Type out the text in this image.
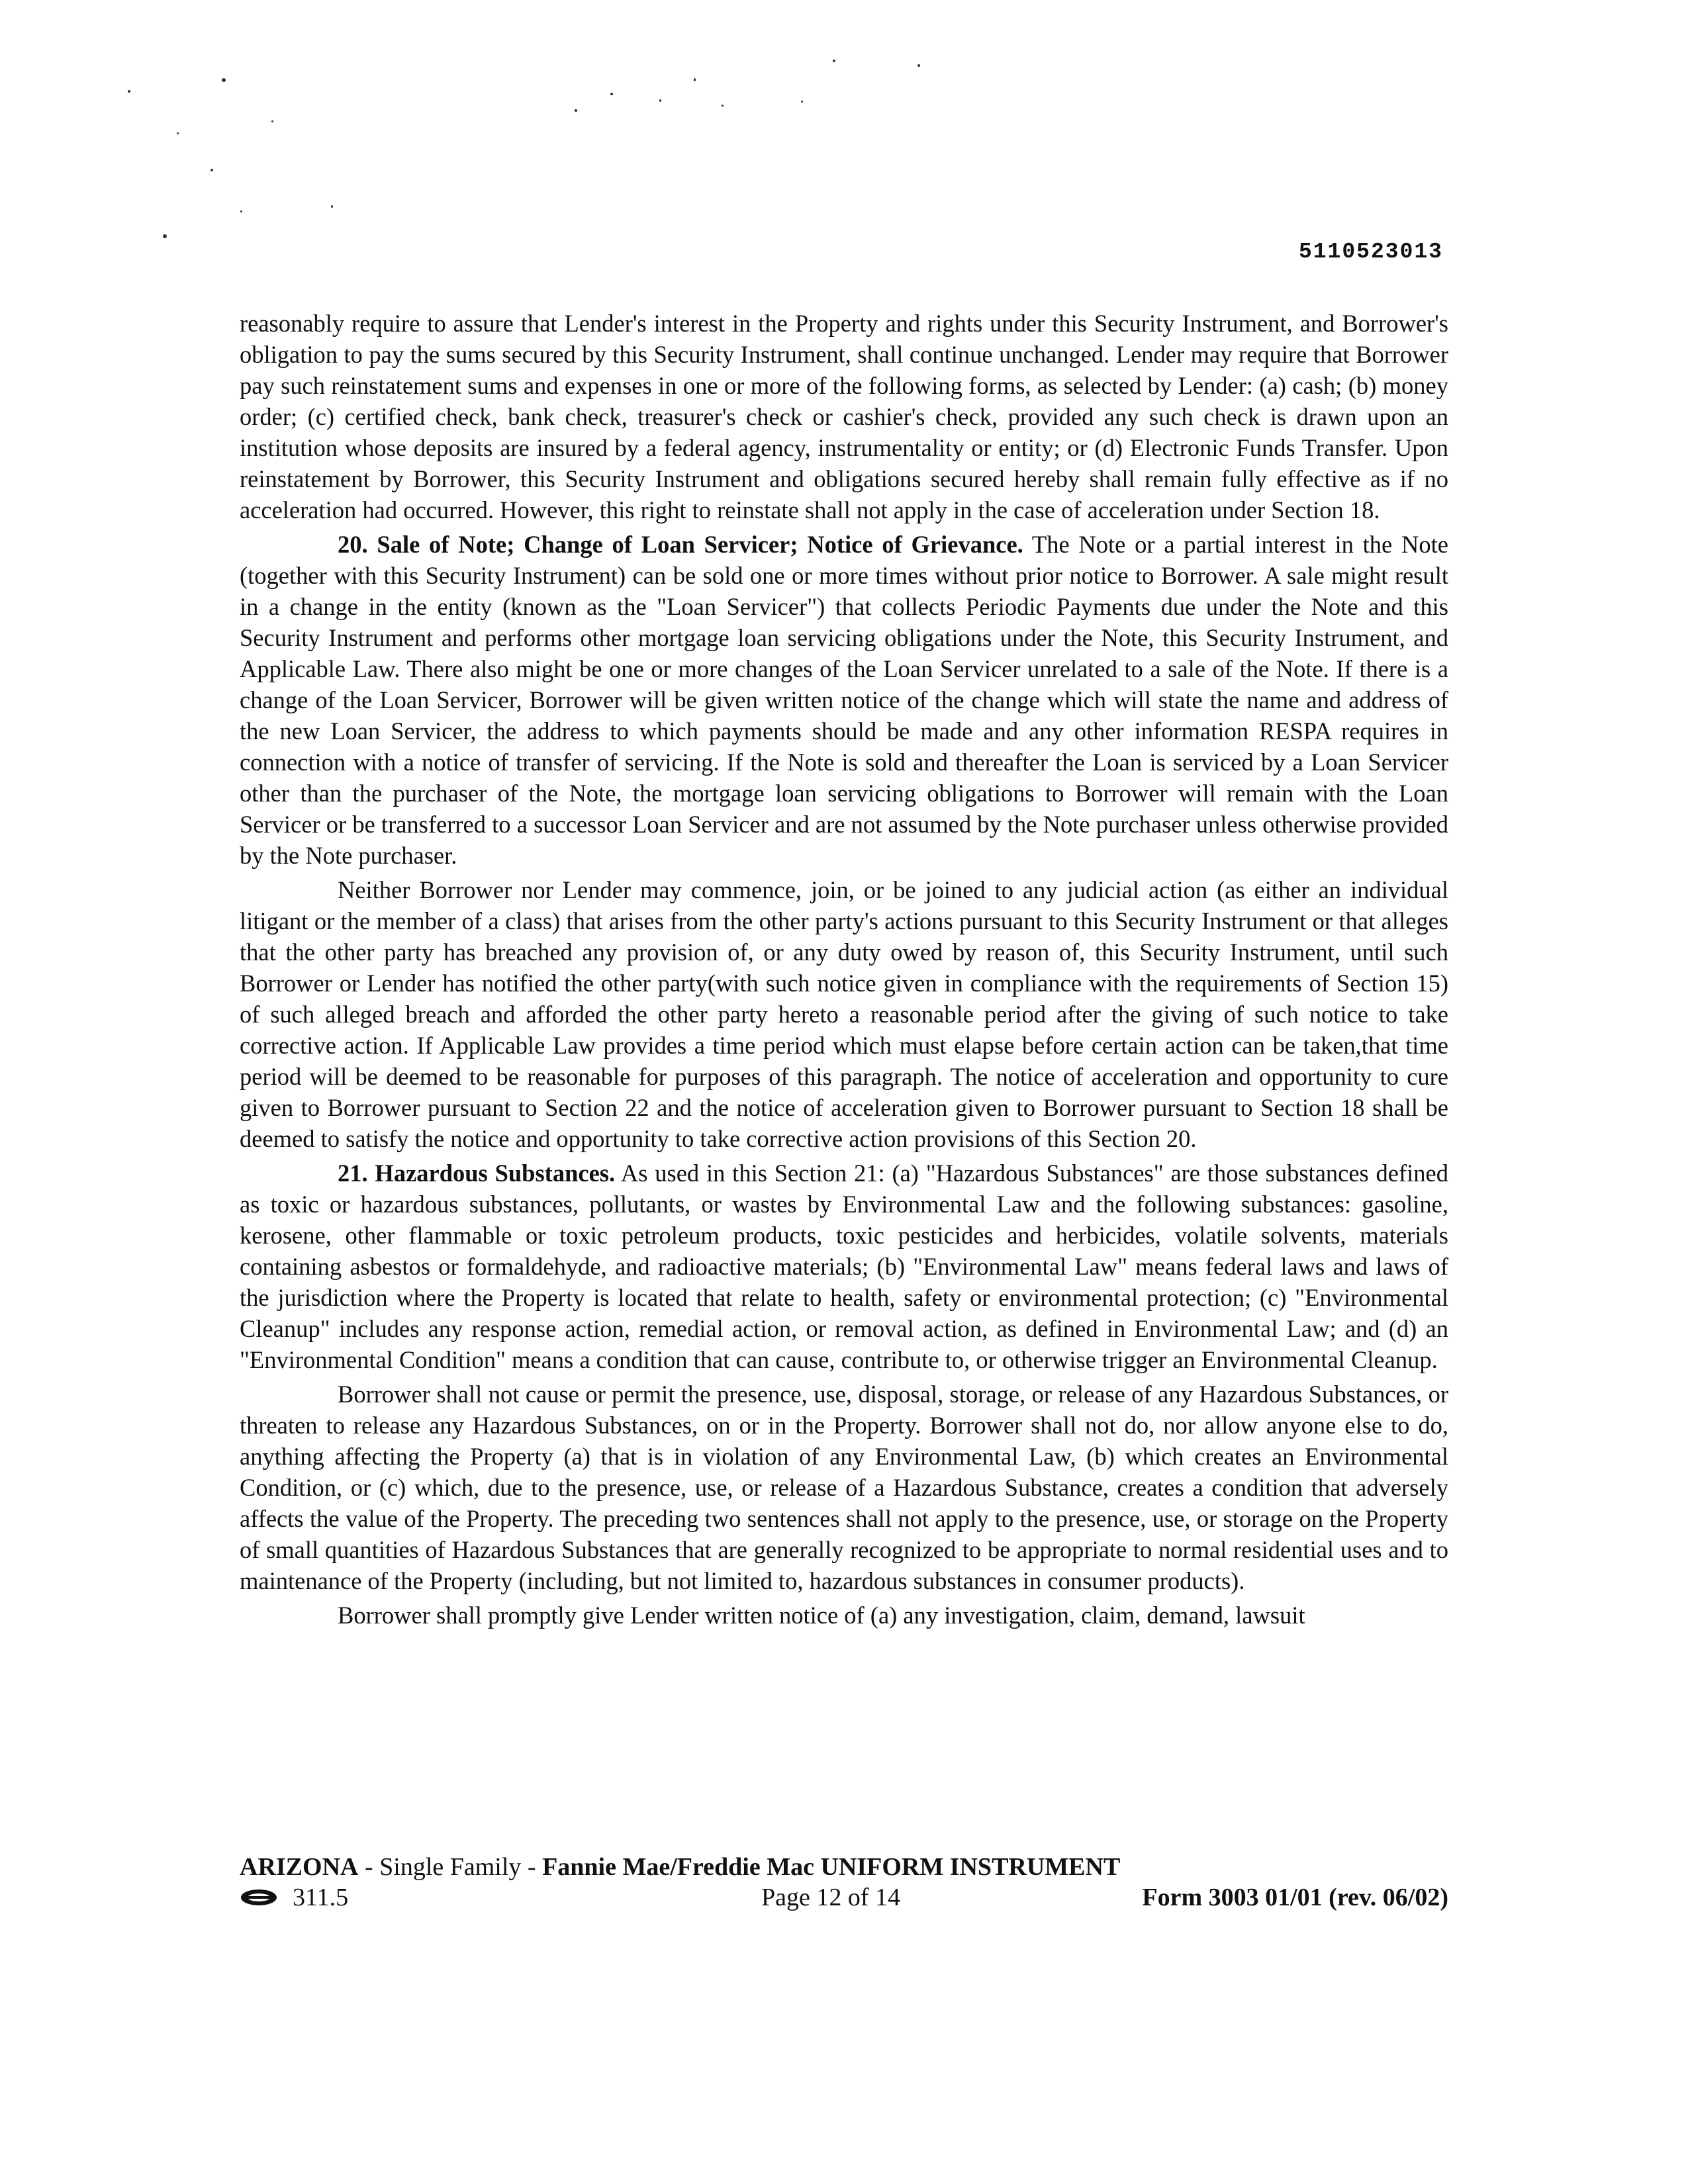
5110523013

reasonably require to assure that Lender's interest in the Property and rights under this Security Instrument, and Borrower's obligation to pay the sums secured by this Security Instrument, shall continue unchanged. Lender may require that Borrower pay such reinstatement sums and expenses in one or more of the following forms, as selected by Lender: (a) cash; (b) money order; (c) certified check, bank check, treasurer's check or cashier's check, provided any such check is drawn upon an institution whose deposits are insured by a federal agency, instrumentality or entity; or (d) Electronic Funds Transfer. Upon reinstatement by Borrower, this Security Instrument and obligations secured hereby shall remain fully effective as if no acceleration had occurred. However, this right to reinstate shall not apply in the case of acceleration under Section 18.

20. Sale of Note; Change of Loan Servicer; Notice of Grievance. The Note or a partial interest in the Note (together with this Security Instrument) can be sold one or more times without prior notice to Borrower. A sale might result in a change in the entity (known as the "Loan Servicer") that collects Periodic Payments due under the Note and this Security Instrument and performs other mortgage loan servicing obligations under the Note, this Security Instrument, and Applicable Law. There also might be one or more changes of the Loan Servicer unrelated to a sale of the Note. If there is a change of the Loan Servicer, Borrower will be given written notice of the change which will state the name and address of the new Loan Servicer, the address to which payments should be made and any other information RESPA requires in connection with a notice of transfer of servicing. If the Note is sold and thereafter the Loan is serviced by a Loan Servicer other than the purchaser of the Note, the mortgage loan servicing obligations to Borrower will remain with the Loan Servicer or be transferred to a successor Loan Servicer and are not assumed by the Note purchaser unless otherwise provided by the Note purchaser.

Neither Borrower nor Lender may commence, join, or be joined to any judicial action (as either an individual litigant or the member of a class) that arises from the other party's actions pursuant to this Security Instrument or that alleges that the other party has breached any provision of, or any duty owed by reason of, this Security Instrument, until such Borrower or Lender has notified the other party(with such notice given in compliance with the requirements of Section 15) of such alleged breach and afforded the other party hereto a reasonable period after the giving of such notice to take corrective action. If Applicable Law provides a time period which must elapse before certain action can be taken,that time period will be deemed to be reasonable for purposes of this paragraph. The notice of acceleration and opportunity to cure given to Borrower pursuant to Section 22 and the notice of acceleration given to Borrower pursuant to Section 18 shall be deemed to satisfy the notice and opportunity to take corrective action provisions of this Section 20.

21. Hazardous Substances. As used in this Section 21: (a) "Hazardous Substances" are those substances defined as toxic or hazardous substances, pollutants, or wastes by Environmental Law and the following substances: gasoline, kerosene, other flammable or toxic petroleum products, toxic pesticides and herbicides, volatile solvents, materials containing asbestos or formaldehyde, and radioactive materials; (b) "Environmental Law" means federal laws and laws of the jurisdiction where the Property is located that relate to health, safety or environmental protection; (c) "Environmental Cleanup" includes any response action, remedial action, or removal action, as defined in Environmental Law; and (d) an "Environmental Condition" means a condition that can cause, contribute to, or otherwise trigger an Environmental Cleanup.

Borrower shall not cause or permit the presence, use, disposal, storage, or release of any Hazardous Substances, or threaten to release any Hazardous Substances, on or in the Property. Borrower shall not do, nor allow anyone else to do, anything affecting the Property (a) that is in violation of any Environmental Law, (b) which creates an Environmental Condition, or (c) which, due to the presence, use, or release of a Hazardous Substance, creates a condition that adversely affects the value of the Property. The preceding two sentences shall not apply to the presence, use, or storage on the Property of small quantities of Hazardous Substances that are generally recognized to be appropriate to normal residential uses and to maintenance of the Property (including, but not limited to, hazardous substances in consumer products).

Borrower shall promptly give Lender written notice of (a) any investigation, claim, demand, lawsuit

ARIZONA - Single Family - Fannie Mae/Freddie Mac UNIFORM INSTRUMENT
311.5	Page 12 of 14	Form 3003 01/01 (rev. 06/02)
